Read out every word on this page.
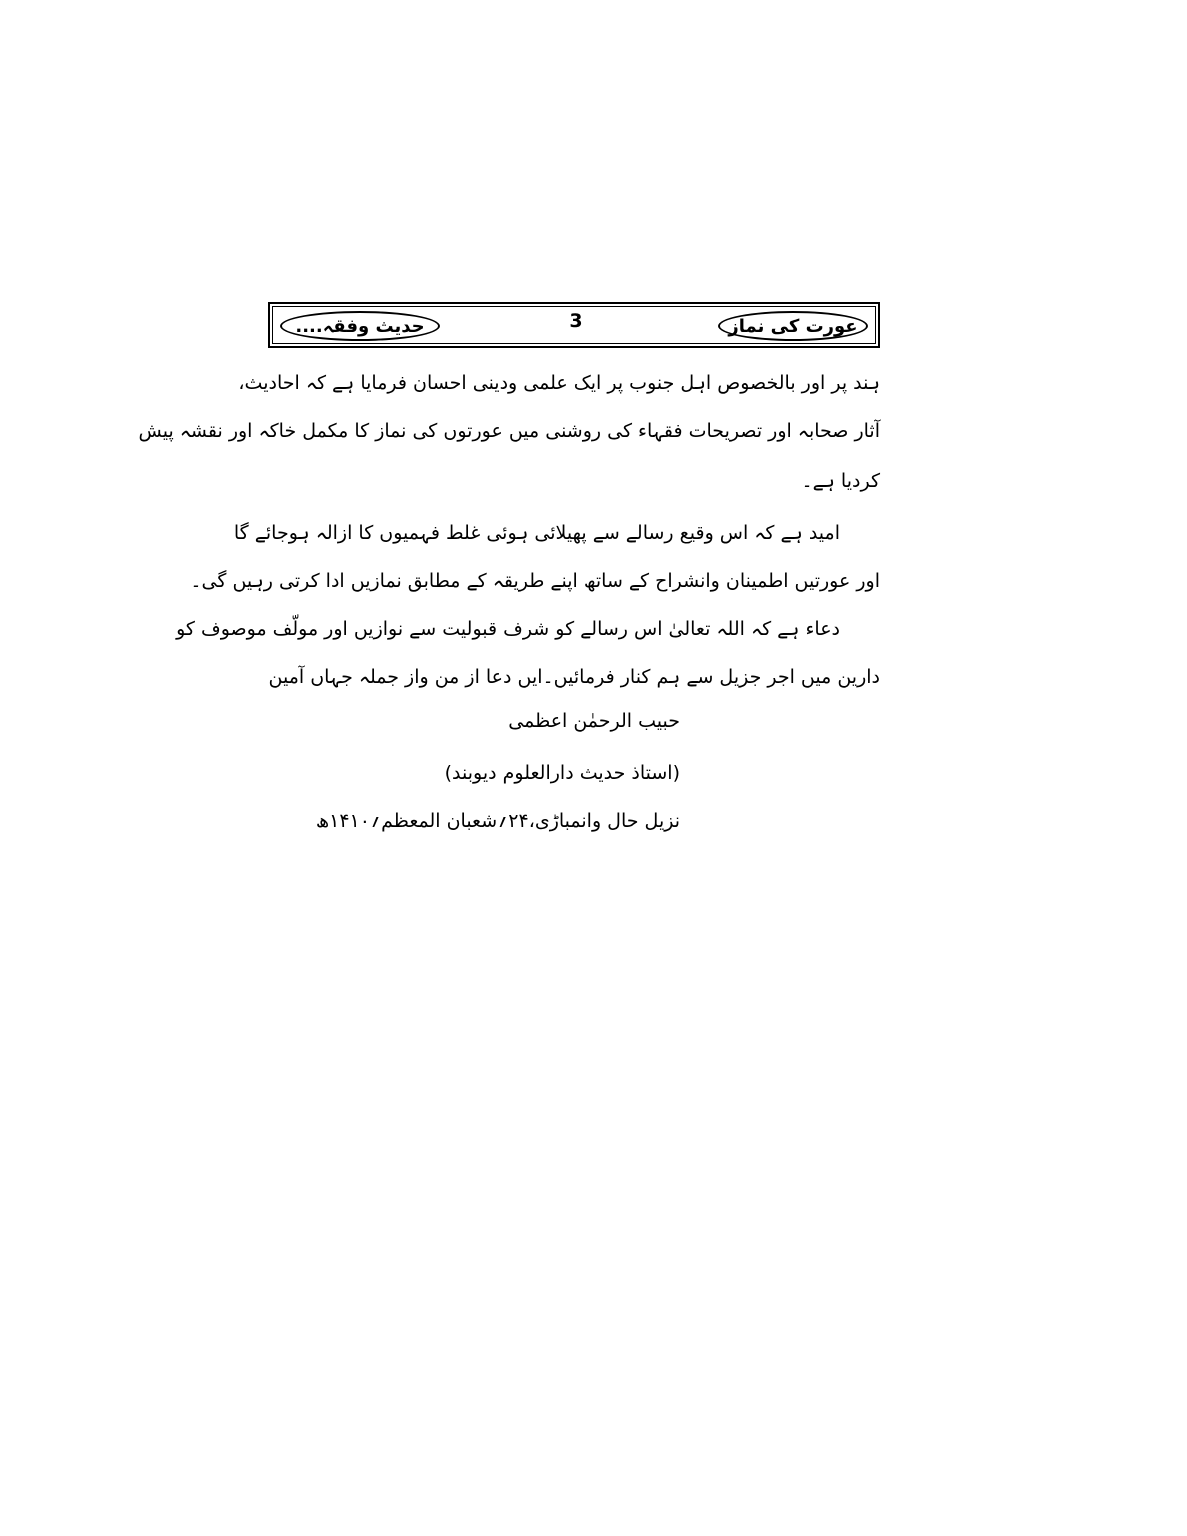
عورت کی نماز
3
حدیث وفقہ....
ہند پر اور بالخصوص اہل جنوب پر ایک علمی ودینی احسان فرمایا ہے کہ احادیث،
آثار صحابہ اور تصریحات فقہاء کی روشنی میں عورتوں کی نماز کا مکمل خاکہ اور نقشہ پیش
کردیا ہے۔
امید ہے کہ اس وقیع رسالے سے پھیلائی ہوئی غلط فہمیوں کا ازالہ ہوجائے گا
اور عورتیں اطمینان وانشراح کے ساتھ اپنے طریقہ کے مطابق نمازیں ادا کرتی رہیں گی۔
دعاء ہے کہ اللہ تعالیٰ اس رسالے کو شرف قبولیت سے نوازیں اور مولّف موصوف کو
دارین میں اجر جزیل سے ہم کنار فرمائیں۔ایں دعا از من واز جملہ جہاں آمین
حبیب الرحمٰن اعظمی
(استاذ حدیث دارالعلوم دیوبند)
نزیل حال وانمباڑی،۲۴؍شعبان المعظم؍۱۴۱۰ھ
